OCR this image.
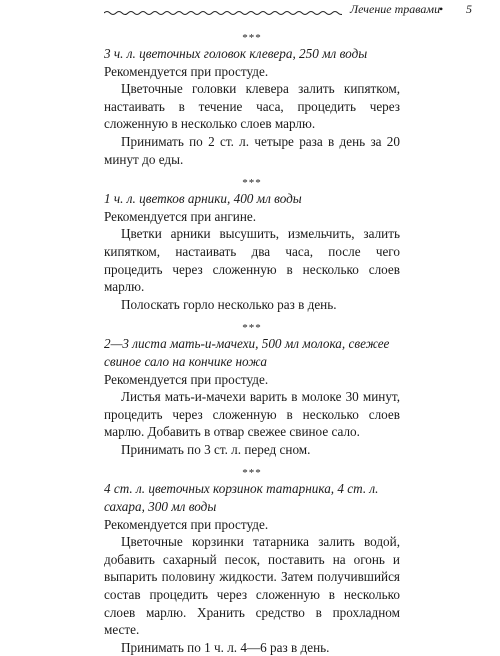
Лечение травами
• 5
***

3 ч. л. цветочных головок клевера, 250 мл воды

Рекомендуется при простуде.

Цветочные головки клевера залить кипятком, настаивать в течение часа, процедить через сложенную в несколько слоев марлю.

Принимать по 2 ст. л. четыре раза в день за 20 минут до еды.

***

1 ч. л. цветков арники, 400 мл воды

Рекомендуется при ангине.

Цветки арники высушить, измельчить, залить кипятком, настаивать два часа, после чего процедить через сложенную в несколько слоев марлю.

Полоскать горло несколько раз в день.

***

2—3 листа мать-и-мачехи, 500 мл молока, свежее свиное сало на кончике ножа

Рекомендуется при простуде.

Листья мать-и-мачехи варить в молоке 30 минут, процедить через сложенную в несколько слоев марлю. Добавить в отвар свежее свиное сало.

Принимать по 3 ст. л. перед сном.

***

4 ст. л. цветочных корзинок татарника, 4 ст. л. сахара, 300 мл воды

Рекомендуется при простуде.

Цветочные корзинки татарника залить водой, добавить сахарный песок, поставить на огонь и выпарить половину жидкости. Затем получившийся состав процедить через сложенную в несколько слоев марлю. Хранить средство в прохладном месте.

Принимать по 1 ч. л. 4—6 раз в день.
